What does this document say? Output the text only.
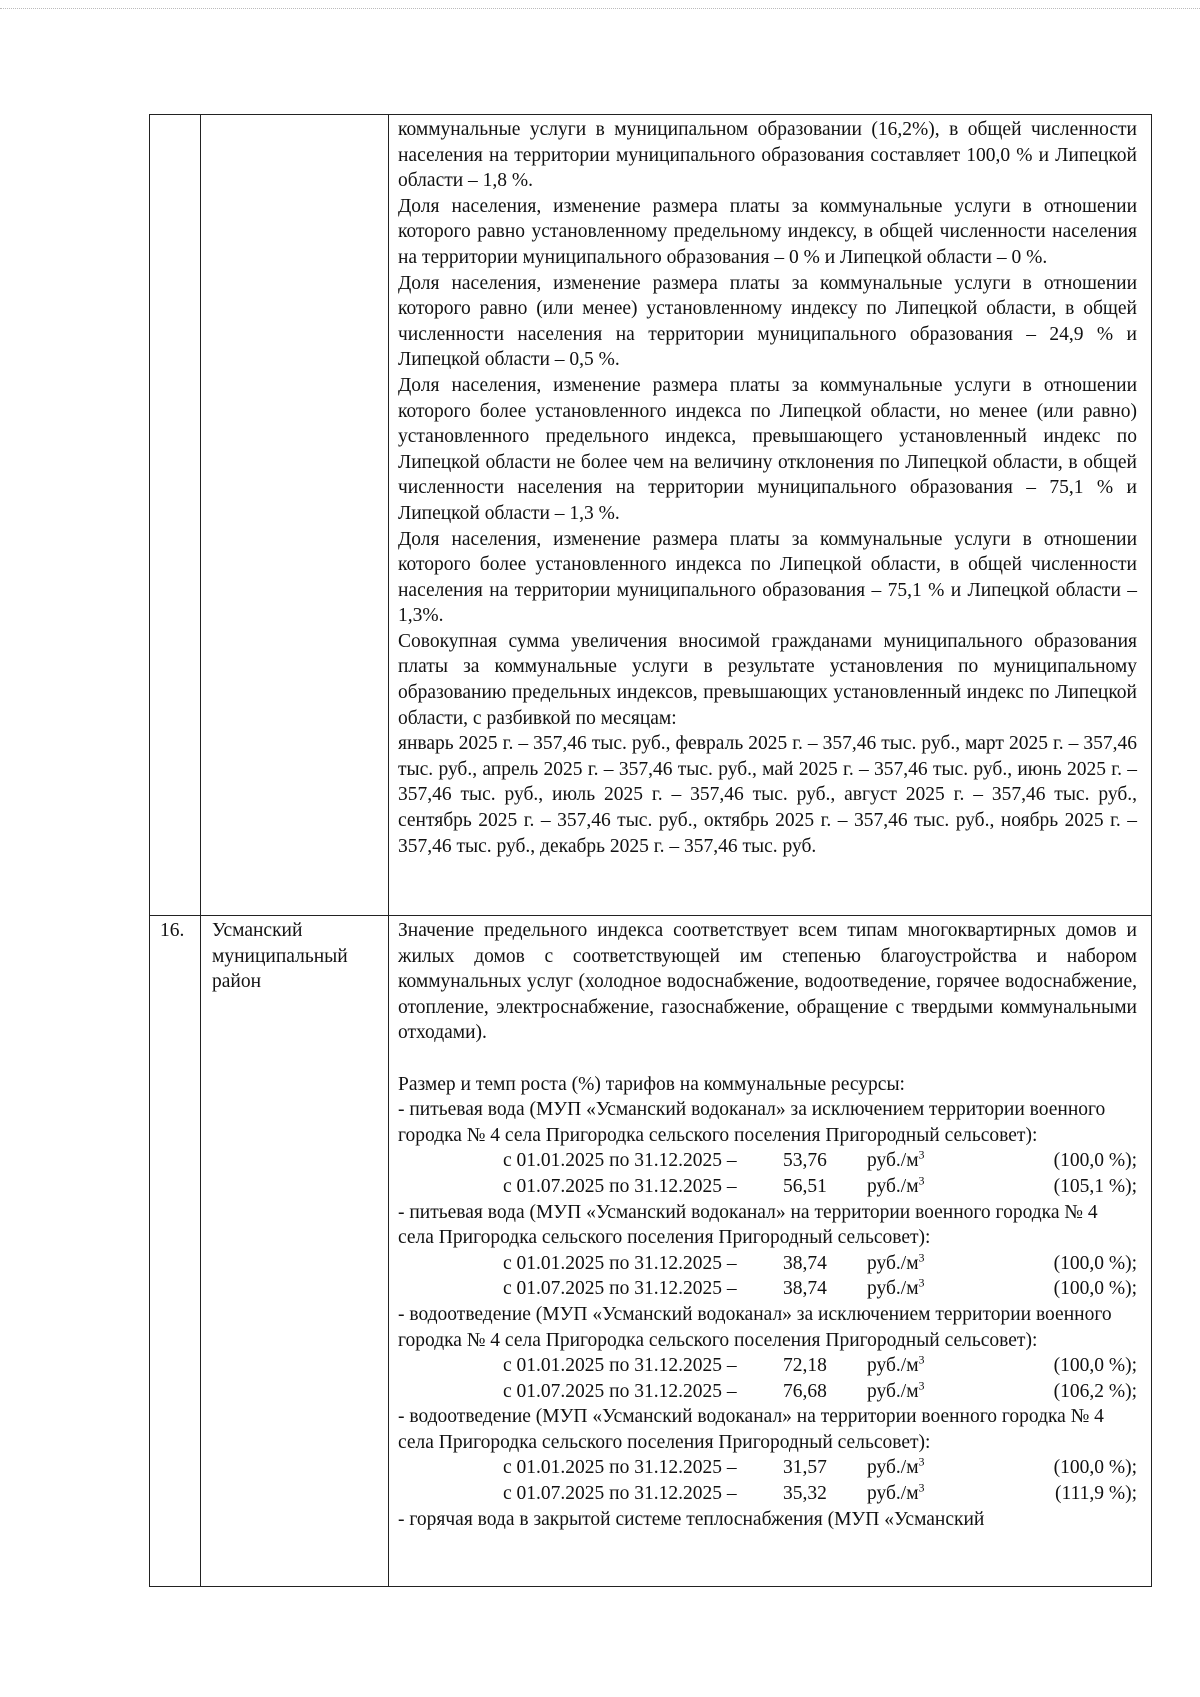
коммунальные услуги в муниципальном образовании (16,2%), в общей численности населения на территории муниципального образования составляет 100,0 % и Липецкой области – 1,8 %.

Доля населения, изменение размера платы за коммунальные услуги в отношении которого равно установленному предельному индексу, в общей численности населения на территории муниципального образования – 0 % и Липецкой области – 0 %.

Доля населения, изменение размера платы за коммунальные услуги в отношении которого равно (или менее) установленному индексу по Липецкой области, в общей численности населения на территории муниципального образования – 24,9 % и Липецкой области – 0,5 %.

Доля населения, изменение размера платы за коммунальные услуги в отношении которого более установленного индекса по Липецкой области, но менее (или равно) установленного предельного индекса, превышающего установленный индекс по Липецкой области не более чем на величину отклонения по Липецкой области, в общей численности населения на территории муниципального образования – 75,1 % и Липецкой области – 1,3 %.

Доля населения, изменение размера платы за коммунальные услуги в отношении которого более установленного индекса по Липецкой области, в общей численности населения на территории муниципального образования – 75,1 % и Липецкой области – 1,3%.

Совокупная сумма увеличения вносимой гражданами муниципального образования платы за коммунальные услуги в результате установления по муниципальному образованию предельных индексов, превышающих установленный индекс по Липецкой области, с разбивкой по месяцам:

январь 2025 г. – 357,46 тыс. руб., февраль 2025 г. – 357,46 тыс. руб., март 2025 г. – 357,46 тыс. руб., апрель 2025 г. – 357,46 тыс. руб., май 2025 г. – 357,46 тыс. руб., июнь 2025 г. – 357,46 тыс. руб., июль 2025 г. – 357,46 тыс. руб., август 2025 г. – 357,46 тыс. руб., сентябрь 2025 г. – 357,46 тыс. руб., октябрь 2025 г. – 357,46 тыс. руб., ноябрь 2025 г. – 357,46 тыс. руб., декабрь 2025 г. – 357,46 тыс. руб.

16.	Усманский муниципальный район

Значение предельного индекса соответствует всем типам многоквартирных домов и жилых домов с соответствующей им степенью благоустройства и набором коммунальных услуг (холодное водоснабжение, водоотведение, горячее водоснабжение, отопление, электроснабжение, газоснабжение, обращение с твердыми коммунальными отходами).

Размер и темп роста (%) тарифов на коммунальные ресурсы:

- питьевая вода (МУП «Усманский водоканал» за исключением территории военного городка № 4 села Пригородка сельского поселения Пригородный сельсовет):

с 01.01.2025 по 31.12.2025 –	53,76	$руб./м^3$	(100,0 %);
с 01.07.2025 по 31.12.2025 –	56,51	$руб./м^3$	(105,1 %);

- питьевая вода (МУП «Усманский водоканал» на территории военного городка № 4 села Пригородка сельского поселения Пригородный сельсовет):

с 01.01.2025 по 31.12.2025 –	38,74	$руб./м^3$	(100,0 %);
с 01.07.2025 по 31.12.2025 –	38,74	$руб./м^3$	(100,0 %);

- водоотведение (МУП «Усманский водоканал» за исключением территории военного городка № 4 села Пригородка сельского поселения Пригородный сельсовет):

с 01.01.2025 по 31.12.2025 –	72,18	$руб./м^3$	(100,0 %);
с 01.07.2025 по 31.12.2025 –	76,68	$руб./м^3$	(106,2 %);

- водоотведение (МУП «Усманский водоканал» на территории военного городка № 4 села Пригородка сельского поселения Пригородный сельсовет):

с 01.01.2025 по 31.12.2025 –	31,57	$руб./м^3$	(100,0 %);
с 01.07.2025 по 31.12.2025 –	35,32	$руб./м^3$	(111,9 %);

- горячая вода в закрытой системе теплоснабжения (МУП «Усманский
